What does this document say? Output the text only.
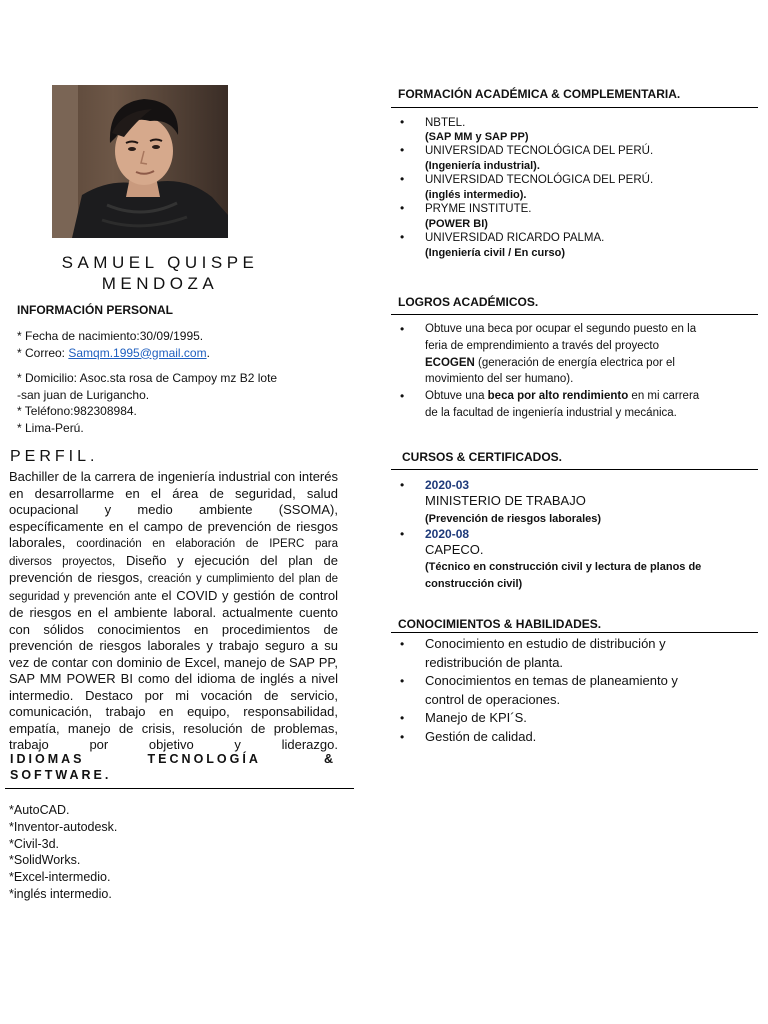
SAMUEL QUISPE
MENDOZA
INFORMACIÓN PERSONAL
* Fecha de nacimiento:30/09/1995.
* Correo: Samqm.1995@gmail.com.
* Domicilio: Asoc.sta rosa de Campoy mz B2 lote
-san juan de Lurigancho.
* Teléfono:982308984.
* Lima-Perú.
PERFIL.
Bachiller de la carrera de ingeniería industrial con interés en desarrollarme en el área de seguridad, salud ocupacional y medio ambiente (SSOMA), específicamente en el campo de prevención de riesgos laborales, coordinación en elaboración de IPERC para diversos proyectos, Diseño y ejecución del plan de prevención de riesgos, creación y cumplimiento del plan de seguridad y prevención ante el COVID y gestión de control de riesgos en el ambiente laboral. actualmente cuento con sólidos conocimientos en procedimientos de prevención de riesgos laborales y trabajo seguro a su vez de contar con dominio de Excel, manejo de SAP PP, SAP MM POWER BI como del idioma de inglés a nivel intermedio. Destaco por mi vocación de servicio, comunicación, trabajo en equipo, responsabilidad, empatía, manejo de crisis, resolución de problemas, trabajo por objetivo y liderazgo.
IDIOMAS	TECNOLOGÍA	&
SOFTWARE.
*AutoCAD.
*Inventor-autodesk.
*Civil-3d.
*SolidWorks.
*Excel-intermedio.
*inglés intermedio.
FORMACIÓN ACADÉMICA & COMPLEMENTARIA.
• NBTEL.
(SAP MM y SAP PP)
• UNIVERSIDAD TECNOLÓGICA DEL PERÚ.
(Ingeniería industrial).
• UNIVERSIDAD TECNOLÓGICA DEL PERÚ.
(inglés intermedio).
• PRYME INSTITUTE.
(POWER BI)
• UNIVERSIDAD RICARDO PALMA.
(Ingeniería civil / En curso)
LOGROS ACADÉMICOS.
• Obtuve una beca por ocupar el segundo puesto en la feria de emprendimiento a través del proyecto ECOGEN (generación de energía electrica por el movimiento del ser humano).
• Obtuve una beca por alto rendimiento en mi carrera de la facultad de ingeniería industrial y mecánica.
CURSOS & CERTIFICADOS.
• 2020-03
MINISTERIO DE TRABAJO
(Prevención de riesgos laborales)
• 2020-08
CAPECO.
(Técnico en construcción civil y lectura de planos de construcción civil)
CONOCIMIENTOS & HABILIDADES.
• Conocimiento en estudio de distribución y redistribución de planta.
• Conocimientos en temas de planeamiento y control de operaciones.
• Manejo de KPI´S.
• Gestión de calidad.
